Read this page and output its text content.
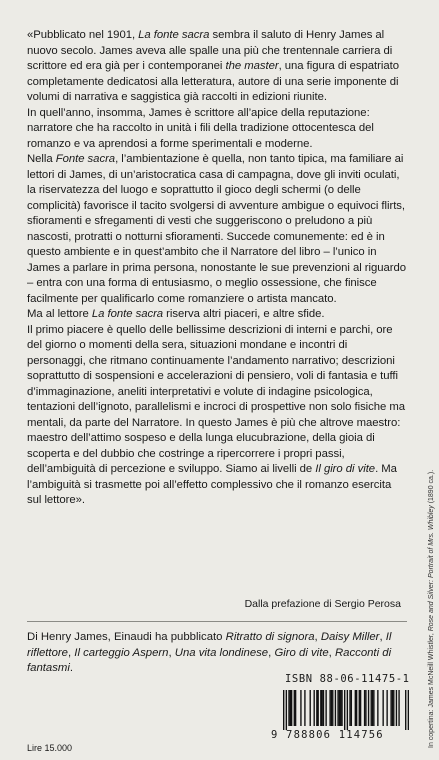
«Pubblicato nel 1901, La fonte sacra sembra il saluto di Henry James al nuovo secolo. James aveva alle spalle una più che trentennale carriera di scrittore ed era già per i contemporanei the master, una figura di espatriato completamente dedicatosi alla letteratura, autore di una serie imponente di volumi di narrativa e saggistica già raccolti in edizioni riunite.

In quell’anno, insomma, James è scrittore all’apice della reputazione: narratore che ha raccolto in unità i fili della tradizione ottocentesca del romanzo e va aprendosi a forme sperimentali e moderne.

Nella Fonte sacra, l’ambientazione è quella, non tanto tipica, ma familiare ai lettori di James, di un’aristocratica casa di campagna, dove gli inviti oculati, la riservatezza del luogo e soprattutto il gioco degli schermi (o delle complicità) favorisce il tacito svolgersi di avventure ambigue o equivoci flirts, sfioramenti e sfregamenti di vesti che suggeriscono o preludono a più nascosti, protratti o notturni sfioramenti. Succede comunemente: ed è in questo ambiente e in quest’ambito che il Narratore del libro – l’unico in James a parlare in prima persona, nonostante le sue prevenzioni al riguardo – entra con una forma di entusiasmo, o meglio ossessione, che finisce facilmente per qualificarlo come romanziere o artista mancato.

Ma al lettore La fonte sacra riserva altri piaceri, e altre sfide.

Il primo piacere è quello delle bellissime descrizioni di interni e parchi, ore del giorno o momenti della sera, situazioni mondane e incontri di personaggi, che ritmano continuamente l’andamento narrativo; descrizioni soprattutto di sospensioni e accelerazioni di pensiero, voli di fantasia e tuffi d’immaginazione, aneliti interpretativi e volute di indagine psicologica, tentazioni dell’ignoto, parallelismi e incroci di prospettive non solo fisiche ma mentali, da parte del Narratore. In questo James è più che altrove maestro: maestro dell’attimo sospeso e della lunga elucubrazione, della gioia di scoperta e del dubbio che costringe a ripercorrere i propri passi, dell’ambiguità di percezione e sviluppo. Siamo ai livelli de Il giro di vite. Ma l’ambiguità si trasmette poi all’effetto complessivo che il romanzo esercita sul lettore».

Dalla prefazione di Sergio Perosa
Di Henry James, Einaudi ha pubblicato Ritratto di signora, Daisy Miller, Il riflettore, Il carteggio Aspern, Una vita londinese, Giro di vite, Racconti di fantasmi.	In copertina: James McNeill Whistler, Rose and Silver: Portrait of Mrs. Whibley (1890 ca.).
ISBN 88-06-11475-1
9 788806 114756
Lire 15.000
